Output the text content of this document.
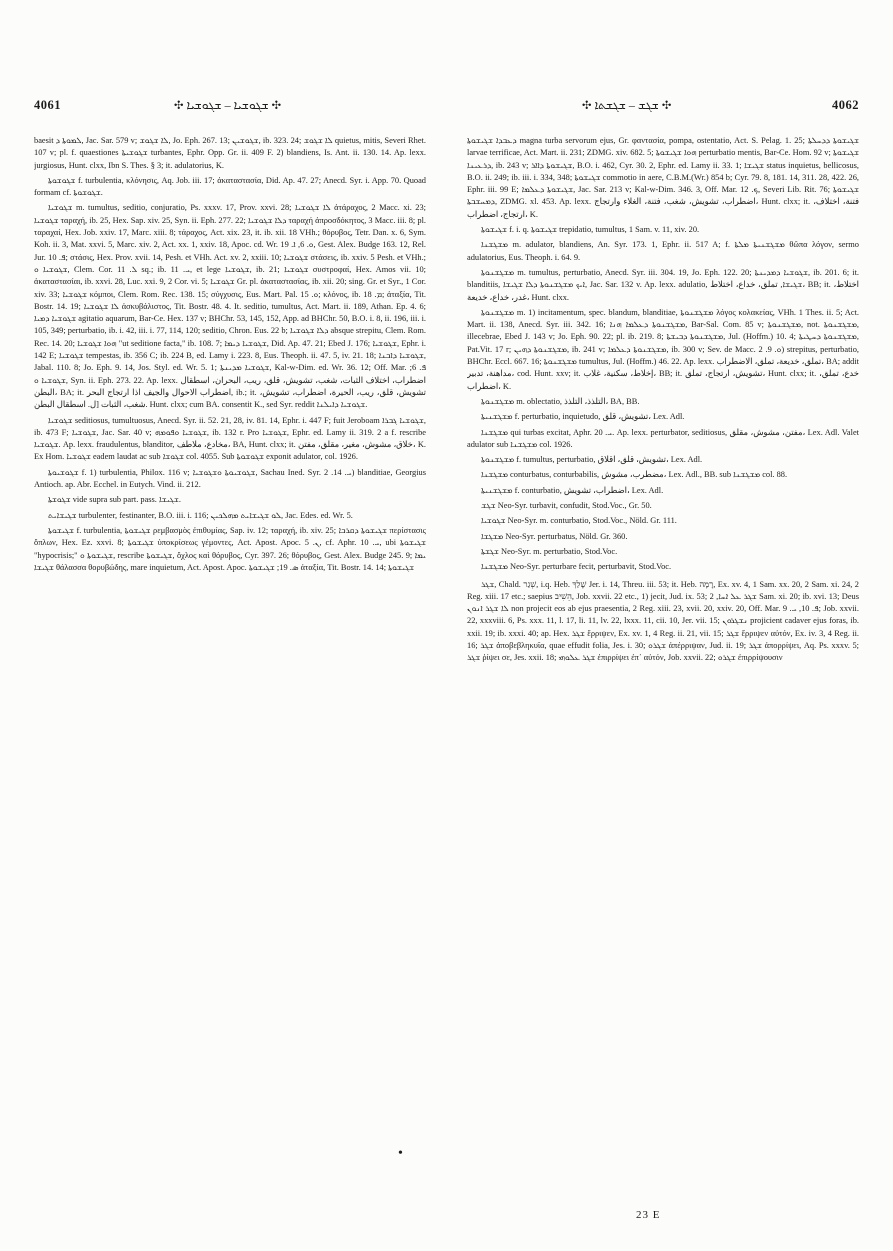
4061	✣ ܫܓܘܫܝܐ – ܫܓܘܫܝܐ ✣	✣ ܫܓܫ – ܫܓܫܬܐ ✣	4062

baesit ܠܡܘܬܐ ܕ, Jac. Sar. 579 v; ܠܐ ܫܓܘܫ, Jo. Eph. 267. 13; ܫܓܘܫܝܢ, ib. 323. 24; ܠܐ ܫܓܘܫ quietus, mitis, Severi Rhet. 107 v; pl. f. quaestiones ܫܓܘܫܝܬܐ turbantes, Ephr. Opp. Gr. ii. 409 F. 2) blandiens, Is. Ant. ii. 130. 14. Ap. lexx. jurgiosus, Hunt. clxx, Ibn S. Thes. § 3; it. adulatorius, K.

ܫܓܘܫܘܬܐ f. turbulentia, κλόνησις, Aq. Job. iii. 17; ἀκαταστασία, Did. Ap. 47. 27; Anecd. Syr. i. App. 70. Quoad formam cf. ܫܓܘܫܘܬܐ.

ܫܓܘܫܝܐ m. tumultus, seditio, conjuratio, Ps. xxxv. 17, Prov. xxvi. 28; ܠܐ ܫܓܘܫܝܐ ἀτάραχος, 2 Macc. xi. 23; ܫܓܘܫܝܐ ταραχή, ib. 25, Hex. Sap. xiv. 25, Syn. ii. Eph. 277. 22; ܕܠܐ ܫܓܘܫܝܐ ταραχή ἀπροσδόκητος, 3 Macc. iii. 8; pl. ταραχαί, Hex. Job. xxiv. 17, Marc. xiii. 8; τάραχος, Act. xix. 23, it. ib. xii. 18 VHh.; θόρυβος, Tetr. Dan. x. 6, Sym. Koh. ii. 3, Mat. xxvi. 5, Marc. xiv. 2, Act. xx. 1, xxiv. 18, Apoc. cd. Wr. ܘ. 6, ܐ. 19, Gest. Alex. Budge 163. 12, Rel. Jur. ܦ. 10; στάσις, Hex. Prov. xvii. 14, Pesh. et VHh. Act. xv. 2, xxiii. 10; ܫܓܘܫܝܐ στάσεις, ib. xxiv. 5 Pesh. et VHh.; ܫܓܘܫܝܐ ܘ, Clem. Cor. ܠ. 11 sq.; ib. ܝ. 11, et lege ܫܓܘܫܝܐ, ib. 21; ܫܓܘܫܝܐ συστροφαί, Hex. Amos vii. 10; ἀκαταστασίαι, ib. xxvi. 28, Luc. xxi. 9, 2 Cor. vi. 5; ܫܓܘܫܝܐ Gr. pl. ἀκαταστασίας, ib. xii. 20; sing. Gr. et Syr., 1 Cor. xiv. 33; ܫܓܘܫܝܐ κόμποι, Clem. Rom. Rec. 138. 15; σύγχυσις, Eus. Mart. Pal. ܘ. 15; κλόνος, ib. ܡ. 18; ἀταξία, Tit. Bostr. 14. 19; ܠܐ ܫܓܘܫܝܐ ἀσκυβάλιστος, Tit. Bostr. 48. 4. It. seditio, tumultus, Act. Mart. ii. 189, Athan. Ep. 4. 6; ܫܓܘܫܝܐ ܕܡܝܐ agitatio aquarum, Bar-Ce. Hex. 137 v; BHChr. 53, 145, 152, App. ad BHChr. 50, B.O. i. 8, ii. 196, iii. i. 105, 349; perturbatio, ib. i. 42, iii. i. 77, 114, 120; seditio, Chron. Eus. 22 b; ܕܠܐ ܫܓܘܫܝܐ absque strepitu, Clem. Rom. Rec. 14. 20; ܗܘܐ ܫܓܘܫܝܐ "ut seditione facta," ib. 108. 7; ܫܓܘܫܝܐ ܕܝܡܐ, Did. Ap. 47. 21; Ebed J. 176; ܫܓܘܫܝܐ, Ephr. i. 142 E; ܫܓܘܫܝܐ tempestas, ib. 356 C; ib. 224 B, ed. Lamy i. 223. 8, Eus. Theoph. ii. 47. 5, iv. 21. 18; ܫܓܘܫܝܐ ܕܐܒܢܐ, Jabal. 110. 8; Jo. Eph. 9. 14, Jos. Styl. ed. Wr. 5. 1; ܫܓܘܫܝܐ ܡܕܝܢܬܐ, Kal-w-Dim. ed. Wr. 36. 12; Off. Mar. ܦ. 6; ܫܓܘܫܝܐ ܘ, Syn. ii. Eph. 273. 22. Ap. lexx. اضطراب، اختلاف الثبات، شغب، تشويش، قلق، ريب، البحران، اسطقال البطن، BA; it. اضطراب الاحوال والجيف اذا ارتجاج البحر, ib.; it. تشويش، قلق، ريب، الحيرة، اضطراب، تشويش، شغب، الثبات [ل. اسطقال البطن. Hunt. clxx; cum BA. consentit K., sed Syr. reddit ܫܓܘܫܝܐ ܕܐܝܠܢܐ.

ܫܓܘܫܝܐ seditiosus, tumultuosus, Anecd. Syr. ii. 52. 21, 28, iv. 81. 14, Ephr. i. 447 F; fuit Jeroboam ܫܓܘܫܝܐ ܓܒܪܐ, ib. 473 F; ܫܓܘܫܝܐ, Jac. Sar. 40 v; ܫܓܘܫܝܐ ܘܦܘܡܗ, ib. 132 r. Pro ܫܓܘܫܝܐ, Ephr. ed. Lamy ii. 319. 2 a f. rescribe ܫܓܘܫܝܐ. Ap. lexx. fraudulentus, blanditor, مخادع، ملاطف، BA, Hunt. clxx; it. خلاق، مشوش، مغير، مقلق، مفتن، K. Ex Hom. ܫܓܘܫܝܐ eadem laudat ac sub ܫܓܘܫܐ col. 4055. Sub ܫܓܘܫܘܬܐ exponit adulator, col. 1926.

ܫܓܘܫܝܘܬܐ f. 1) turbulentia, Philox. 116 v; ܫܓܘܫܝܘܬܐ ܘܫܓܘܫܝܐ, Sachau Ined. Syr. ܝ. 14. 2) blanditiae, Georgius Antioch. ap. Abr. Ecchel. in Eutych. Vind. ii. 212.

ܫܓܘܫܬܐ vide supra sub part. pass. ܫܓܝܫܐ.

ܫܓܝܫܐܝܬ turbulenter, festinanter, B.O. iii. i. 116; ܠܘ ܫܓܝܫܐܝܬ ܡܗܠܟܝܢ, Jac. Edes. ed. Wr. 5.

ܫܓܝܫܘܬܐ f. turbulentia, ܫܓܝܫܘܬܐ ρεμβασμὸς ἐπιθυμίας, Sap. iv. 12; ταραχή, ib. xiv. 25; ܫܓܝܫܘܬܐ ܕܩܪܒܐ περίστασις ὅπλων, Hex. Ez. xxvi. 8; ܫܓܝܫܘܬܐ ὑποκρίσεως γέμοντες, Act. Apost. Apoc. ܢ. 5, cf. Aphr. ܝ. 10, ubi ܫܓܝܫܘܬܐ "hypocrisis;" ܫܓܝܫܘܬܐ ܘ, rescribe ܫܓܝܫܘܬܐ, ὄχλος καὶ θόρυβος, Cyr. 397. 26; θόρυβος, Gest. Alex. Budge 245. 9; ܝܡܐ ܫܓܝܫܐ θάλασσα θορυβώδης, mare inquietum, Act. Apost. Apoc. ܣ. 19; ܫܓܝܫܘܬܐ ἀταξία, Tit. Bostr. 14. 14; ܫܓܝܫܘܬܐ

ܕܥܒܕܐ ܫܓܝܫܘܬܐ magna turba servorum ejus, Gr. φαντασία, pompa, ostentatio, Act. S. Pelag. 1. 25; ܫܓܝܫܘܬܐ ܕܕܚܠܬܐ larvae terrificae, Act. Mart. ii. 231; ZDMG. xiv. 682. 5; ܗܘܐ ܫܓܝܫܘܬܐ perturbatio mentis, Bar-Ce. Hom. 92 v; ܫܓܝܫܘܬܐ ܕܪܥܝܢܐ, ib. 243 v; ܫܓܝܫܘܬܐ ܕܐܐܪ, B.O. i. 462, Cyr. 30. 2, Ephr. ed. Lamy ii. 33. 1; ܫܓܝܫܐ status inquietus, bellicosus, B.O. ii. 249; ib. iii. i. 334, 348; ܫܓܝܫܘܬܐ commotio in aere, C.B.M.(Wr.) 854 b; Cyr. 79. 8, 181. 14, 311. 28, 422. 26, Ephr. iii. 99 E; ܫܓܝܫܘܬܐ ܕܥܠܡܐ, Jac. Sar. 213 v; Kal-w-Dim. 346. 3, Off. Mar. ܟ. 12, Severi Lib. Rit. 76; ܫܓܝܫܘܬܐ ܕܡܚܫܒܬܐ, ZDMG. xl. 453. Ap. lexx. اضطراب، تشويش، شغب، فتنة، الغلاء وارتجاج، Hunt. clxx; it. فتنة، اختلاف، ارتجاج، اضطراب، K.

ܫܓܝܫܘܬܐ f. i. q. ܫܓܝܫܘܬܐ trepidatio, tumultus, 1 Sam. v. 11, xiv. 20.

ܡܫܓܫܢܐ m. adulator, blandiens, An. Syr. 173. 1, Ephr. ii. 517 A; f. ܡܫܓܫܢܝܬܐ ܡܠܬܐ θῶπα λόγον, sermo adulatorius, Eus. Theoph. i. 64. 9.

ܡܫܓܫܢܘܬܐ m. tumultus, perturbatio, Anecd. Syr. iii. 304. 19, Jo. Eph. 122. 20; ܫܓܘܫܝܐ ܕܡܕܝܢܬܐ, ib. 201. 6; it. blanditiis, ܐܝܟ ܡܫܓܫܢܘܬܐ ܕܠܐ ܫܓܝܫܐ, Jac. Sar. 132 v. Ap. lexx. adulatio, ܫܓܝܫܐ, تملق، خداع، اختلاط، BB; it. اختلاط، غدر، خداع، خديعة، Hunt. clxx.

ܡܫܓܫܢܘܬܐ m. 1) incitamentum, spec. blandum, blanditiae, ܡܫܓܫܢܘܬܐ λόγος κολακείας, VHh. 1 Thes. ii. 5; Act. Mart. ii. 138, Anecd. Syr. iii. 342. 16; ܡܫܓܫܢܘܬܐ ܕܥܠܡܐ ܗܢܐ, Bar-Sal. Com. 85 v; ܡܫܓܫܢܘܬܐ, not. ܡܫܓܫܢܘܬܐ, illecebrae, Ebed J. 143 v; Jo. Eph. 90. 22; pl. ib. 219. 8; ܡܫܓܫܢܘܬܐ ܕܒܝܫܬܐ, Jul. (Hoffm.) 10. 4; ܡܫܓܫܢܘܬܐ ܕܚܛܝܬܐ, Pat.Vit. 17 r; ܡܫܓܫܢܘܬܐ ܕܗܝܢ, ib. 241 v; ܡܫܓܫܢܘܬܐ ܕܥܠܡܐ, ib. 300 v; Sev. de Macc. ܘ. 9. 2) strepitus, perturbatio, BHChr. Eccl. 667. 16; ܡܫܓܫܢܘܬܐ tumultus, Jul. (Hoffm.) 46. 22. Ap. lexx. تملق، خديعة، تملق، الاضطراب، BA; addit مداهنة، تدبير، cod. Hunt. xxv; it. إخلاط، سكنية، غلاب، BB; it. تشويش، ارتجاج، تملق، Hunt. clxx; it. خدع، تملق، اضطراب، K.

ܡܫܓܫܢܘܬܐ m. oblectatio, التلذذ، التلذذ، BA, BB.

ܡܫܓܫܢܝܬܐ f. perturbatio, inquietudo, تشويش، قلق، Lex. Adl.

ܡܫܓܫܢܐ qui turbas excitat, Aphr. ܝ. 20. Ap. lexx. perturbator, seditiosus, مفتن، مشوش، مقلق، Lex. Adl. Valet adulator sub ܡܫܓܫܢܐ col. 1926.

ܡܫܓܫܢܘܬܐ f. tumultus, perturbatio, تشويش، قلق، اقلاق، Lex. Adl.

ܡܫܓܫܢܐ conturbatus, conturbabilis, مضطرب، مشوش، Lex. Adl., BB. sub ܡܫܓܫܢܐ col. 88.

ܡܫܓܫܢܝܬܐ f. conturbatio, اضطراب، تشويش، Lex. Adl.

ܫܓܫ Neo-Syr. turbavit, confudit, Stod.Voc., Gr. 50.

ܫܓܘܫܝܐ Neo-Syr. m. conturbatio, Stod.Voc., Nöld. Gr. 111.

ܡܫܓܫܐ Neo-Syr. perturbatus, Nöld. Gr. 360.

ܫܓܫܬܐ Neo-Syr. m. perturbatio, Stod.Voc.

ܡܫܓܫܢܐ Neo-Syr. perturbare fecit, perturbavit, Stod.Voc.

ܫܓܪ, Chald. שְׁגַר, i.q. Heb. שָׁלַךְ Jer. i. 14, Threu. iii. 53; it. Heb. רָמָה, Ex. xv. 4, 1 Sam. xx. 20, 2 Sam. xi. 24, 2 Reg. xiii. 17 etc.; saepius הֵשִׁיב, Job. xxvii. 22 etc., 1) jecit, Jud. ix. 53; ܫܓܪ ܥܠ ܐܚܐ, 2 Sam. xi. 20; ib. xvi. 13; Deus ܠܐ ܫܓܪ ܐܢܘܢ non projecit eos ab ejus praesentia, 2 Reg. xiii. 23, xvii. 20, xxiv. 20, Off. Mar. ܦ. 10, ܝ. 9; Job. xxvii. 22, xxxviii. 6, Ps. xxx. 11, l. 17, li. 11, lv. 22, lxxx. 11, cii. 10, Jer. vii. 15; ܢܫܓܪܘܢ projicient cadaver ejus foras, ib. xxii. 19; ib. xxxi. 40; ap. Hex. ܫܓܪ ἔρριψεν, Ex. xv. 1, 4 Reg. ii. 21, vii. 15; ܫܓܪ ἔρριψεν αὐτόν, Ex. iv. 3, 4 Reg. ii. 16; ܫܓܪ ἀποβεβληκυῖα, quae effudit folia, Jes. i. 30; ܫܓܪܘ ἀπέρριψαν, Jud. ii. 19; ܫܓܪ ἀπορρίψει, Aq. Ps. xxxv. 5; ܫܓܪ ῥίψει σε, Jes. xxii. 18; ܫܓܪ ܥܠܘܗܝ ἐπιρρίψει ἐπ᾿ αὐτόν, Job. xxvii. 22; ܫܓܪܘ ἐπιρρίψουσιν

•
23 E
